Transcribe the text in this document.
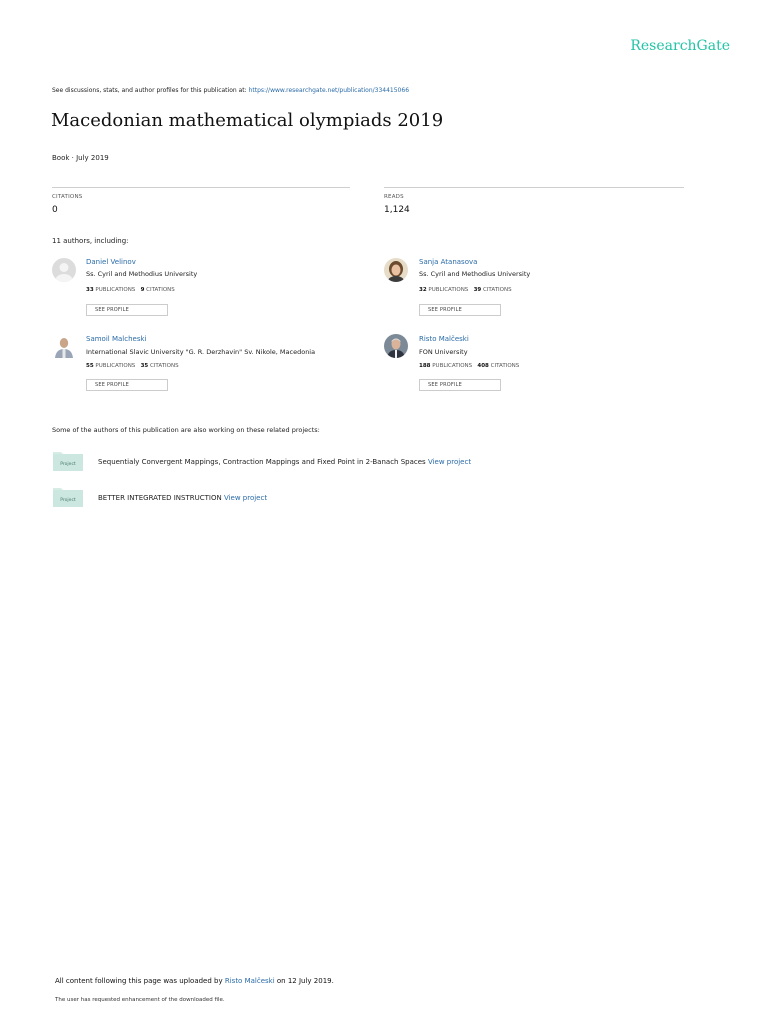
ResearchGate
See discussions, stats, and author profiles for this publication at: https://www.researchgate.net/publication/334415066
Macedonian mathematical olympiads 2019
Book · July 2019
CITATIONS
0
READS
1,124
11 authors, including:
Daniel Velinov
Ss. Cyril and Methodius University
33 PUBLICATIONS 9 CITATIONS
SEE PROFILE
Sanja Atanasova
Ss. Cyril and Methodius University
32 PUBLICATIONS 39 CITATIONS
SEE PROFILE
Samoil Malcheski
International Slavic University "G. R. Derzhavin" Sv. Nikole, Macedonia
55 PUBLICATIONS 35 CITATIONS
SEE PROFILE
Risto Malčeski
FON University
188 PUBLICATIONS 408 CITATIONS
SEE PROFILE
Some of the authors of this publication are also working on these related projects:
Project	Sequentialy Convergent Mappings, Contraction Mappings and Fixed Point in 2-Banach Spaces View project
Project	BETTER INTEGRATED INSTRUCTION View project
All content following this page was uploaded by Risto Malčeski on 12 July 2019.
The user has requested enhancement of the downloaded file.
